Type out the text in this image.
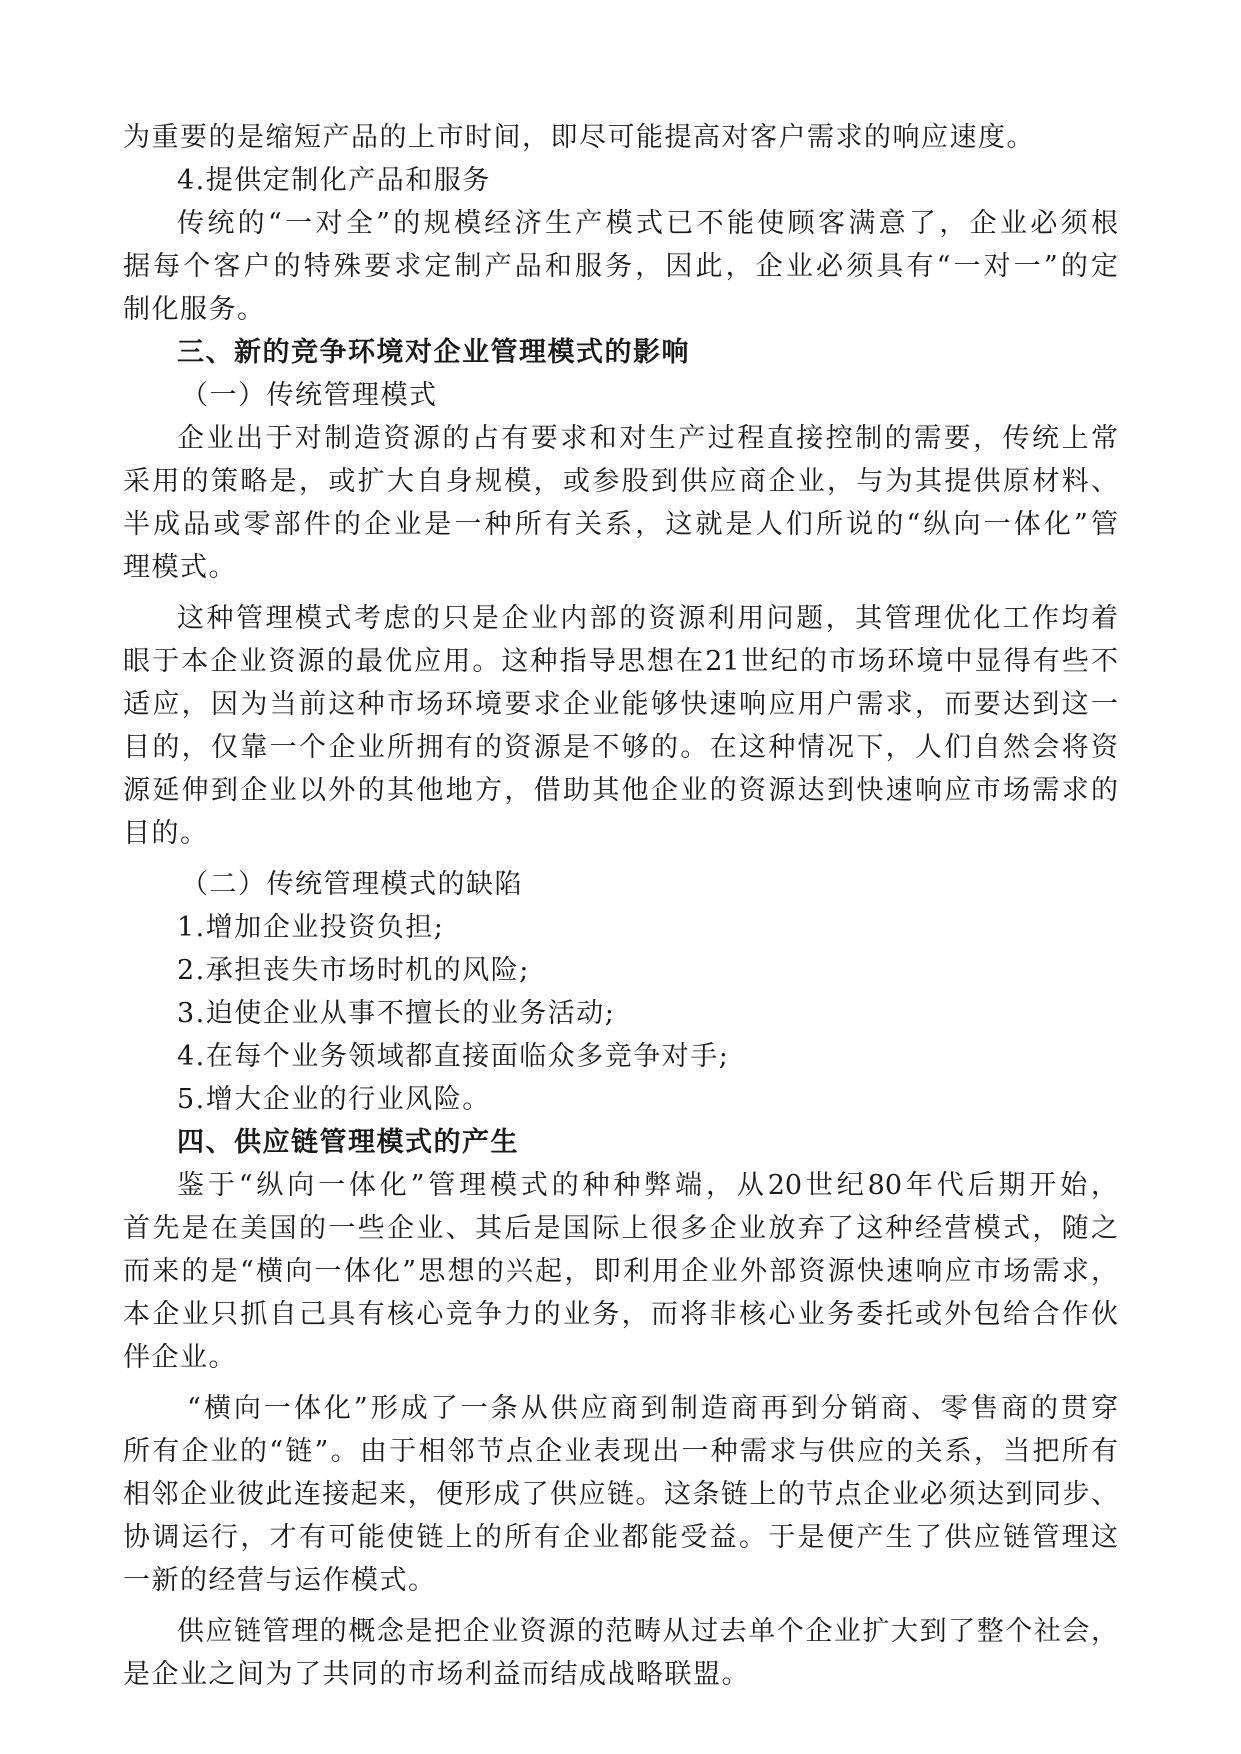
为重要的是缩短产品的上市时间，即尽可能提高对客户需求的响应速度。
4.提供定制化产品和服务
传统的“一对全”的规模经济生产模式已不能使顾客满意了，企业必须根
据每个客户的特殊要求定制产品和服务，因此，企业必须具有“一对一”的定
制化服务。
三、新的竞争环境对企业管理模式的影响
（一）传统管理模式
企业出于对制造资源的占有要求和对生产过程直接控制的需要，传统上常
采用的策略是，或扩大自身规模，或参股到供应商企业，与为其提供原材料、
半成品或零部件的企业是一种所有关系，这就是人们所说的“纵向一体化”管
理模式。
这种管理模式考虑的只是企业内部的资源利用问题，其管理优化工作均着
眼于本企业资源的最优应用。这种指导思想在21世纪的市场环境中显得有些不
适应，因为当前这种市场环境要求企业能够快速响应用户需求，而要达到这一
目的，仅靠一个企业所拥有的资源是不够的。在这种情况下，人们自然会将资
源延伸到企业以外的其他地方，借助其他企业的资源达到快速响应市场需求的
目的。
（二）传统管理模式的缺陷
1.增加企业投资负担;
2.承担丧失市场时机的风险;
3.迫使企业从事不擅长的业务活动;
4.在每个业务领域都直接面临众多竞争对手;
5.增大企业的行业风险。
四、供应链管理模式的产生
鉴于“纵向一体化”管理模式的种种弊端，从20世纪80年代后期开始，
首先是在美国的一些企业、其后是国际上很多企业放弃了这种经营模式，随之
而来的是“横向一体化”思想的兴起，即利用企业外部资源快速响应市场需求，
本企业只抓自己具有核心竞争力的业务，而将非核心业务委托或外包给合作伙
伴企业。
“横向一体化”形成了一条从供应商到制造商再到分销商、零售商的贯穿
所有企业的“链”。由于相邻节点企业表现出一种需求与供应的关系，当把所有
相邻企业彼此连接起来，便形成了供应链。这条链上的节点企业必须达到同步、
协调运行，才有可能使链上的所有企业都能受益。于是便产生了供应链管理这
一新的经营与运作模式。
供应链管理的概念是把企业资源的范畴从过去单个企业扩大到了整个社会，
是企业之间为了共同的市场利益而结成战略联盟。
